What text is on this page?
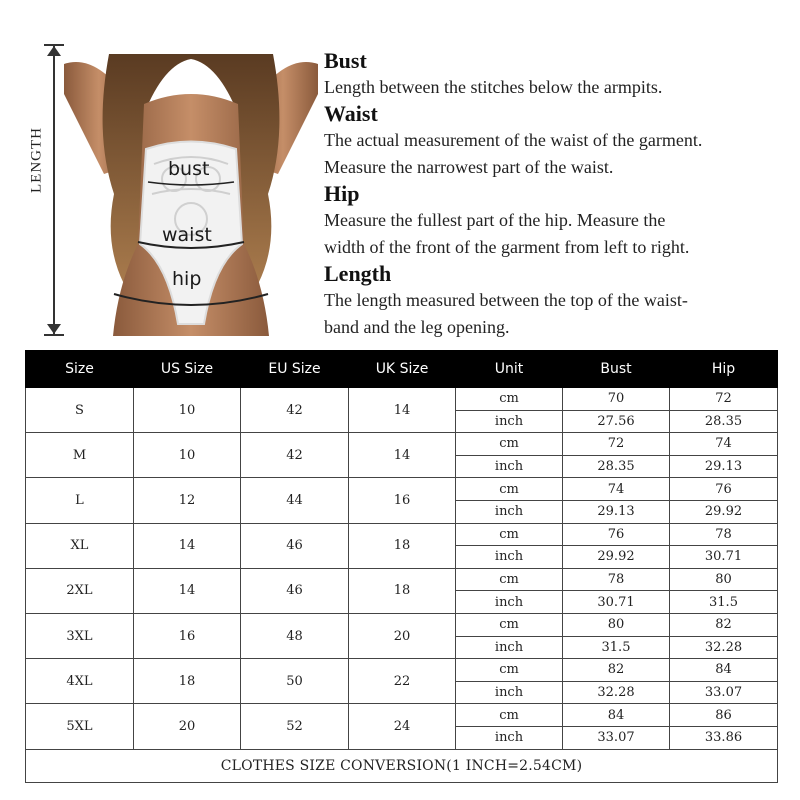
LENGTH	bust
waist
hip
Bust

Length between the stitches below the armpits.

Waist

The actual measurement of the waist of the garment.

Measure the narrowest part of the waist.

Hip

Measure the fullest part of the hip. Measure the

width of the front of the garment from left to right.

Length

The length measured between the top of the waist-

band and the leg opening.

Size	US Size	EU Size	UK Size	Unit	Bust	Hip
S	10	42	14	cm	70	72
				inch	27.56	28.35
M	10	42	14	cm	72	74
				inch	28.35	29.13
L	12	44	16	cm	74	76
				inch	29.13	29.92
XL	14	46	18	cm	76	78
				inch	29.92	30.71
2XL	14	46	18	cm	78	80
				inch	30.71	31.5
3XL	16	48	20	cm	80	82
				inch	31.5	32.28
4XL	18	50	22	cm	82	84
				inch	32.28	33.07
5XL	20	52	24	cm	84	86
				inch	33.07	33.86
CLOTHES SIZE CONVERSION(1 INCH=2.54CM)						
